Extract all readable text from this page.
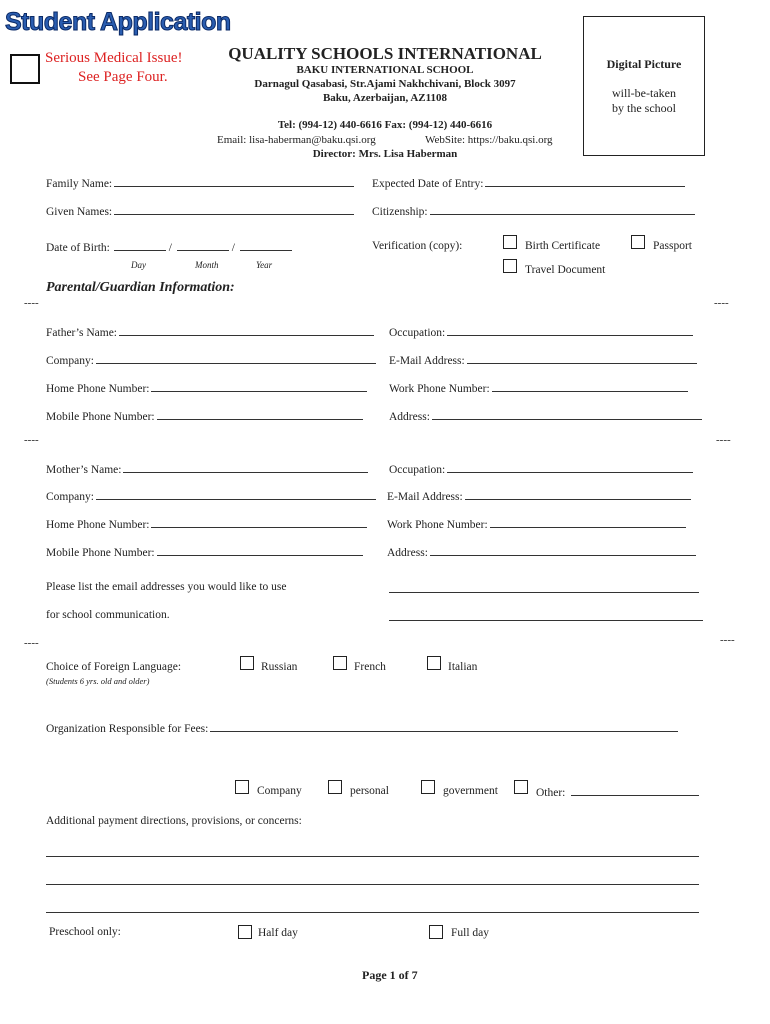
Student Application
Serious Medical Issue!
See Page Four.
QUALITY SCHOOLS INTERNATIONAL
BAKU INTERNATIONAL SCHOOL
Darnagul Qasabasi, Str.Ajami Nakhchivani, Block 3097
Baku, Azerbaijan, AZ1108
Tel: (994-12) 440-6616 Fax: (994-12) 440-6616
Email: lisa-haberman@baku.qsi.org	WebSite: https://baku.qsi.org
Director: Mrs. Lisa Haberman
Digital Picture
will-be-taken
by the school
Family Name:	Expected Date of Entry:
Given Names:	Citizenship:
Date of Birth:	/	/
Day	Month	Year
Verification (copy):	Birth Certificate	Passport
Travel Document
Parental/Guardian Information:
----	----
Father’s Name:	Occupation:
Company:	E-Mail Address:
Home Phone Number:	Work Phone Number:
Mobile Phone Number:	Address:
----	----
Mother’s Name:	Occupation:
Company:	E-Mail Address:
Home Phone Number:	Work Phone Number:
Mobile Phone Number:	Address:
Please list the email addresses you would like to use
for school communication.
----	----
Choice of Foreign Language:
(Students 6 yrs. old and older)
Russian	French	Italian
Organization Responsible for Fees:
Company	personal	government	Other:
Additional payment directions, provisions, or concerns:
Preschool only:	Half day	Full day
Page 1 of 7
